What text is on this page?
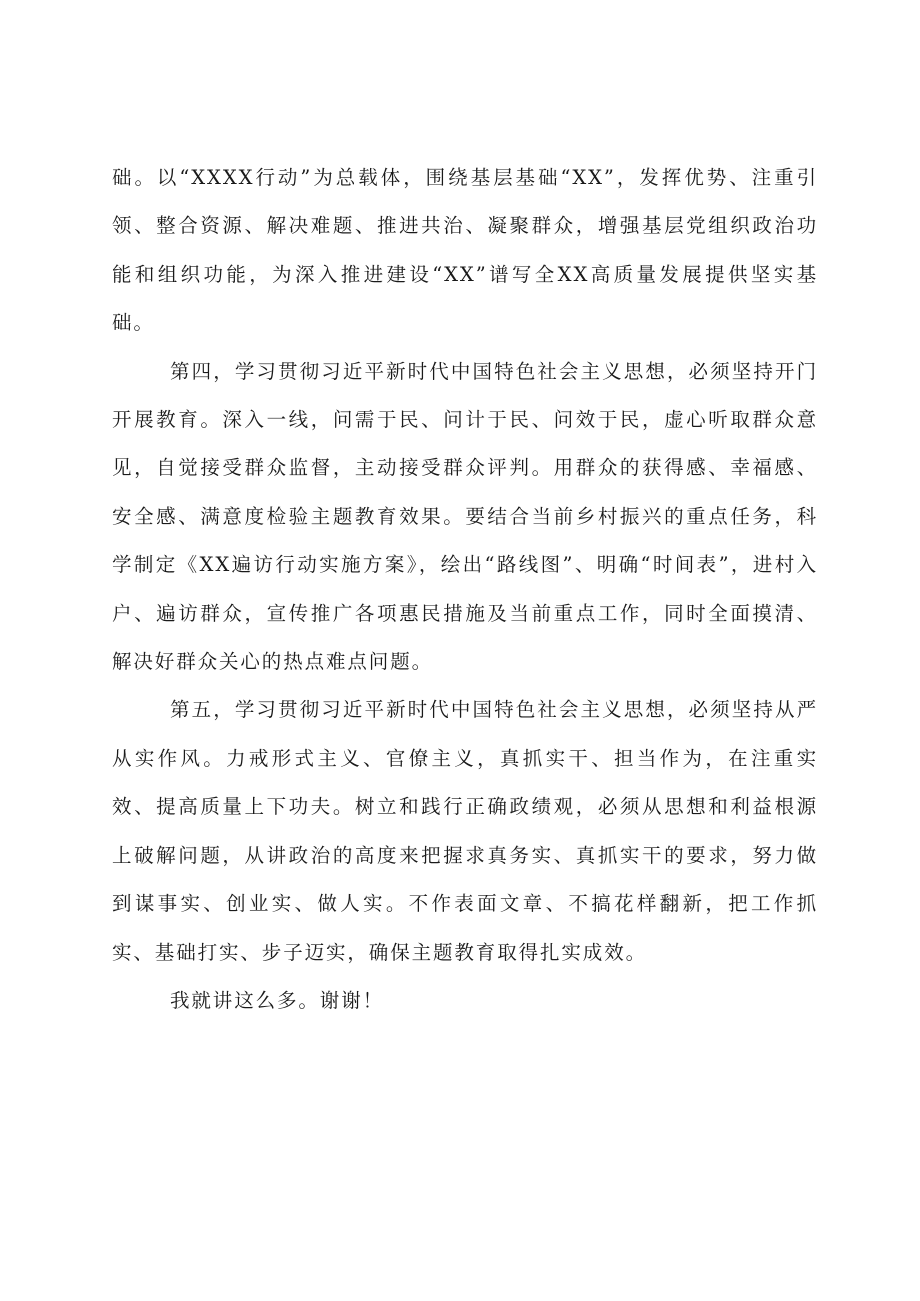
础。以“XXXX行动”为总载体，围绕基层基础“XX”，发挥优势、注重引领、整合资源、解决难题、推进共治、凝聚群众，增强基层党组织政治功能和组织功能，为深入推进建设“XX”谱写全XX高质量发展提供坚实基础。

第四，学习贯彻习近平新时代中国特色社会主义思想，必须坚持开门开展教育。深入一线，问需于民、问计于民、问效于民，虚心听取群众意见，自觉接受群众监督，主动接受群众评判。用群众的获得感、幸福感、安全感、满意度检验主题教育效果。要结合当前乡村振兴的重点任务，科学制定《XX遍访行动实施方案》，绘出“路线图”、明确“时间表”，进村入户、遍访群众，宣传推广各项惠民措施及当前重点工作，同时全面摸清、解决好群众关心的热点难点问题。

第五，学习贯彻习近平新时代中国特色社会主义思想，必须坚持从严从实作风。力戒形式主义、官僚主义，真抓实干、担当作为，在注重实效、提高质量上下功夫。树立和践行正确政绩观，必须从思想和利益根源上破解问题，从讲政治的高度来把握求真务实、真抓实干的要求，努力做到谋事实、创业实、做人实。不作表面文章、不搞花样翻新，把工作抓实、基础打实、步子迈实，确保主题教育取得扎实成效。

我就讲这么多。谢谢！
